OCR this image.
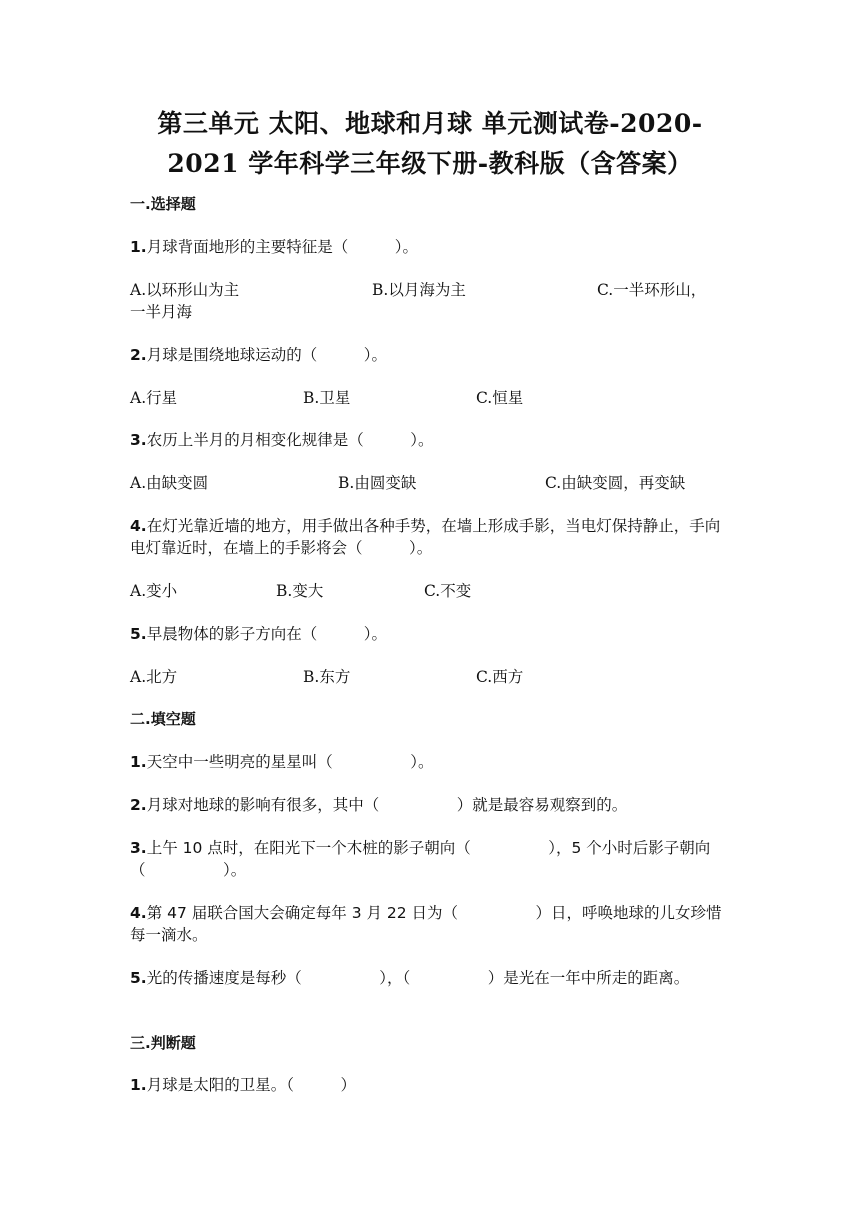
第三单元 太阳、地球和月球 单元测试卷-2020-
2021 学年科学三年级下册-教科版（含答案）
一.选择题
1.月球背面地形的主要特征是（　　　）。
A.以环形山为主	B.以月海为主	C.一半环形山，
一半月海
2.月球是围绕地球运动的（　　　）。
A.行星	B.卫星	C.恒星
3.农历上半月的月相变化规律是（　　　）。
A.由缺变圆	B.由圆变缺	C.由缺变圆，再变缺
4.在灯光靠近墙的地方，用手做出各种手势，在墙上形成手影，当电灯保持静止，手向电灯靠近时，在墙上的手影将会（　　　）。
A.变小	B.变大	C.不变
5.早晨物体的影子方向在（　　　）。
A.北方	B.东方	C.西方
二.填空题
1.天空中一些明亮的星星叫（　　　　　）。
2.月球对地球的影响有很多，其中（　　　　　）就是最容易观察到的。
3.上午 10 点时，在阳光下一个木桩的影子朝向（　　　　　），5 个小时后影子朝向（　　　　　）。
4.第 47 届联合国大会确定每年 3 月 22 日为（　　　　　）日，呼唤地球的儿女珍惜每一滴水。
5.光的传播速度是每秒（　　　　　），（　　　　　）是光在一年中所走的距离。
三.判断题
1.月球是太阳的卫星。（　　　）
